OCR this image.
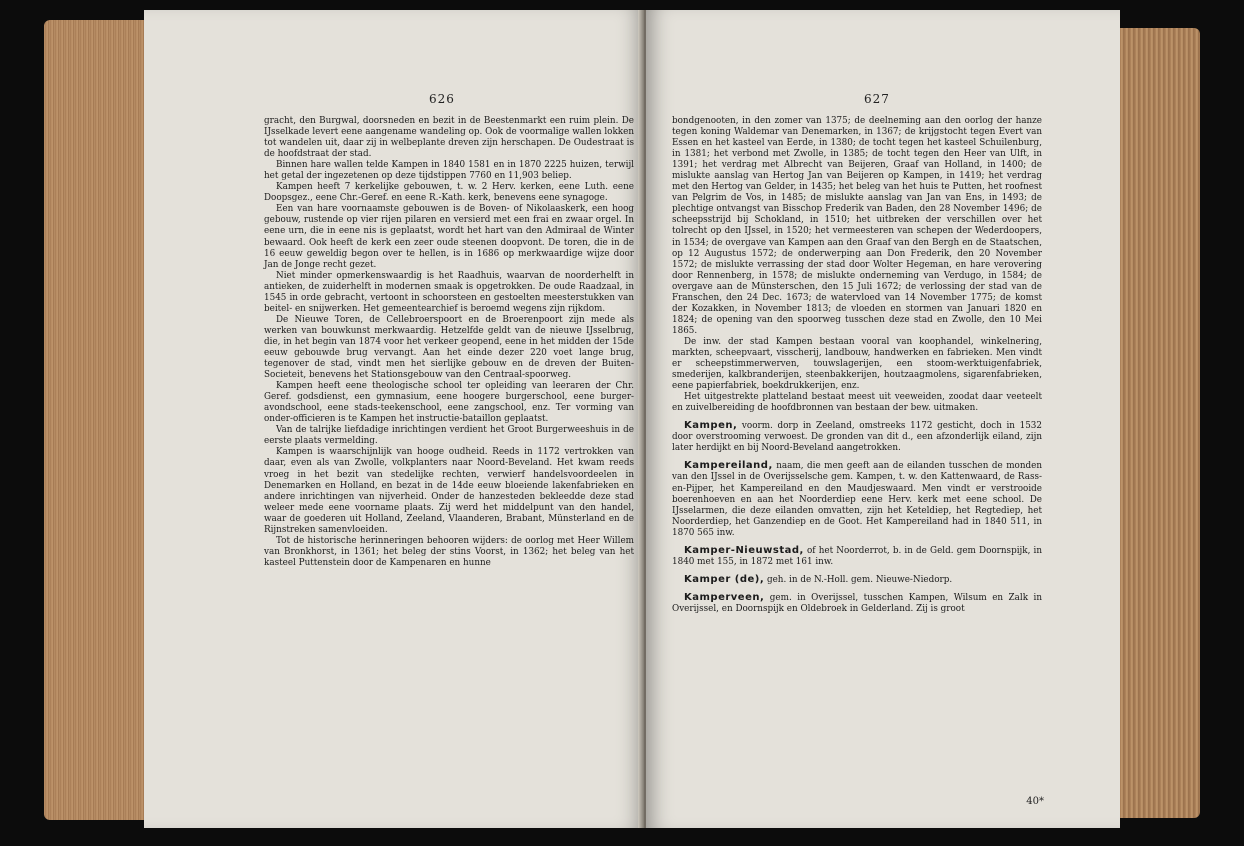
626

gracht, den Burgwal, doorsneden en bezit in de Beestenmarkt een ruim plein. De IJsselkade levert eene aangename wandeling op. Ook de voormalige wallen lokken tot wandelen uit, daar zij in welbeplante dreven zijn herschapen. De Oudestraat is de hoofdstraat der stad.

Binnen hare wallen telde Kampen in 1840 1581 en in 1870 2225 huizen, terwijl het getal der ingezetenen op deze tijdstippen 7760 en 11,903 beliep.

Kampen heeft 7 kerkelijke gebouwen, t. w. 2 Herv. kerken, eene Luth. eene Doopsgez., eene Chr.-Geref. en eene R.-Kath. kerk, benevens eene synagoge.

Een van hare voornaamste gebouwen is de Boven- of Nikolaaskerk, een hoog gebouw, rustende op vier rijen pilaren en versierd met een frai en zwaar orgel. In eene urn, die in eene nis is geplaatst, wordt het hart van den Admiraal de Winter bewaard. Ook heeft de kerk een zeer oude steenen doopvont. De toren, die in de 16 eeuw geweldig begon over te hellen, is in 1686 op merkwaardige wijze door Jan de Jonge recht gezet.

Niet minder opmerkenswaardig is het Raadhuis, waarvan de noorderhelft in antieken, de zuiderhelft in modernen smaak is opgetrokken. De oude Raadzaal, in 1545 in orde gebracht, vertoont in schoorsteen en gestoelten meesterstukken van beitel- en snijwerken. Het gemeentearchief is beroemd wegens zijn rijkdom.

De Nieuwe Toren, de Cellebroerspoort en de Broerenpoort zijn mede als werken van bouwkunst merkwaardig. Hetzelfde geldt van de nieuwe IJsselbrug, die, in het begin van 1874 voor het verkeer geopend, eene in het midden der 15de eeuw gebouwde brug vervangt. Aan het einde dezer 220 voet lange brug, tegenover de stad, vindt men het sierlijke gebouw en de dreven der Buiten-Societeit, benevens het Stationsgebouw van den Centraal-spoorweg.

Kampen heeft eene theologische school ter opleiding van leeraren der Chr. Geref. godsdienst, een gymnasium, eene hoogere burgerschool, eene burger-avondschool, eene stads-teekenschool, eene zangschool, enz. Ter vorming van onder-officieren is te Kampen het instructie-bataillon geplaatst.

Van de talrijke liefdadige inrichtingen verdient het Groot Burgerweeshuis in de eerste plaats vermelding.

Kampen is waarschijnlijk van hooge oudheid. Reeds in 1172 vertrokken van daar, even als van Zwolle, volkplanters naar Noord-Beveland. Het kwam reeds vroeg in het bezit van stedelijke rechten, verwierf handelsvoordeelen in Denemarken en Holland, en bezat in de 14de eeuw bloeiende lakenfabrieken en andere inrichtingen van nijverheid. Onder de hanzesteden bekleedde deze stad weleer mede eene voorname plaats. Zij werd het middelpunt van den handel, waar de goederen uit Holland, Zeeland, Vlaanderen, Brabant, Münsterland en de Rijnstreken samenvloeiden.

Tot de historische herinneringen behooren wijders: de oorlog met Heer Willem van Bronkhorst, in 1361; het beleg der stins Voorst, in 1362; het beleg van het kasteel Puttenstein door de Kampenaren en hunne

627

bondgenooten, in den zomer van 1375; de deelneming aan den oorlog der hanze tegen koning Waldemar van Denemarken, in 1367; de krijgstocht tegen Evert van Essen en het kasteel van Eerde, in 1380; de tocht tegen het kasteel Schuilenburg, in 1381; het verbond met Zwolle, in 1385; de tocht tegen den Heer van Ulft, in 1391; het verdrag met Albrecht van Beijeren, Graaf van Holland, in 1400; de mislukte aanslag van Hertog Jan van Beijeren op Kampen, in 1419; het verdrag met den Hertog van Gelder, in 1435; het beleg van het huis te Putten, het roofnest van Pelgrim de Vos, in 1485; de mislukte aanslag van Jan van Ens, in 1493; de plechtige ontvangst van Bisschop Frederik van Baden, den 28 November 1496; de scheepsstrijd bij Schokland, in 1510; het uitbreken der verschillen over het tolrecht op den IJssel, in 1520; het vermeesteren van schepen der Wederdoopers, in 1534; de overgave van Kampen aan den Graaf van den Bergh en de Staatschen, op 12 Augustus 1572; de onderwerping aan Don Frederik, den 20 November 1572; de mislukte verrassing der stad door Wolter Hegeman, en hare verovering door Rennenberg, in 1578; de mislukte onderneming van Verdugo, in 1584; de overgave aan de Münsterschen, den 15 Juli 1672; de verlossing der stad van de Franschen, den 24 Dec. 1673; de watervloed van 14 November 1775; de komst der Kozakken, in November 1813; de vloeden en stormen van Januari 1820 en 1824; de opening van den spoorweg tusschen deze stad en Zwolle, den 10 Mei 1865.

De inw. der stad Kampen bestaan vooral van koophandel, winkelnering, markten, scheepvaart, visscherij, landbouw, handwerken en fabrieken. Men vindt er scheepstimmerwerven, touwslagerijen, een stoom-werktuigenfabriek, smederijen, kalkbranderijen, steenbakkerijen, houtzaagmolens, sigarenfabrieken, eene papierfabriek, boekdrukkerijen, enz.

Het uitgestrekte platteland bestaat meest uit veeweiden, zoodat daar veeteelt en zuivelbereiding de hoofdbronnen van bestaan der bew. uitmaken.

Kampen, voorm. dorp in Zeeland, omstreeks 1172 gesticht, doch in 1532 door overstrooming verwoest. De gronden van dit d., een afzonderlijk eiland, zijn later herdijkt en bij Noord-Beveland aangetrokken.

Kampereiland, naam, die men geeft aan de eilanden tusschen de monden van den IJssel in de Overijsselsche gem. Kampen, t. w. den Kattenwaard, de Rass-en-Pijper, het Kampereiland en den Maudjeswaard. Men vindt er verstrooide boerenhoeven en aan het Noorderdiep eene Herv. kerk met eene school. De IJsselarmen, die deze eilanden omvatten, zijn het Keteldiep, het Regtediep, het Noorderdiep, het Ganzendiep en de Goot. Het Kampereiland had in 1840 511, in 1870 565 inw.

Kamper-Nieuwstad, of het Noorderrot, b. in de Geld. gem Doornspijk, in 1840 met 155, in 1872 met 161 inw.

Kamper (de), geh. in de N.-Holl. gem. Nieuwe-Niedorp.

Kamperveen, gem. in Overijssel, tusschen Kampen, Wilsum en Zalk in Overijssel, en Doornspijk en Oldebroek in Gelderland. Zij is groot

40*
